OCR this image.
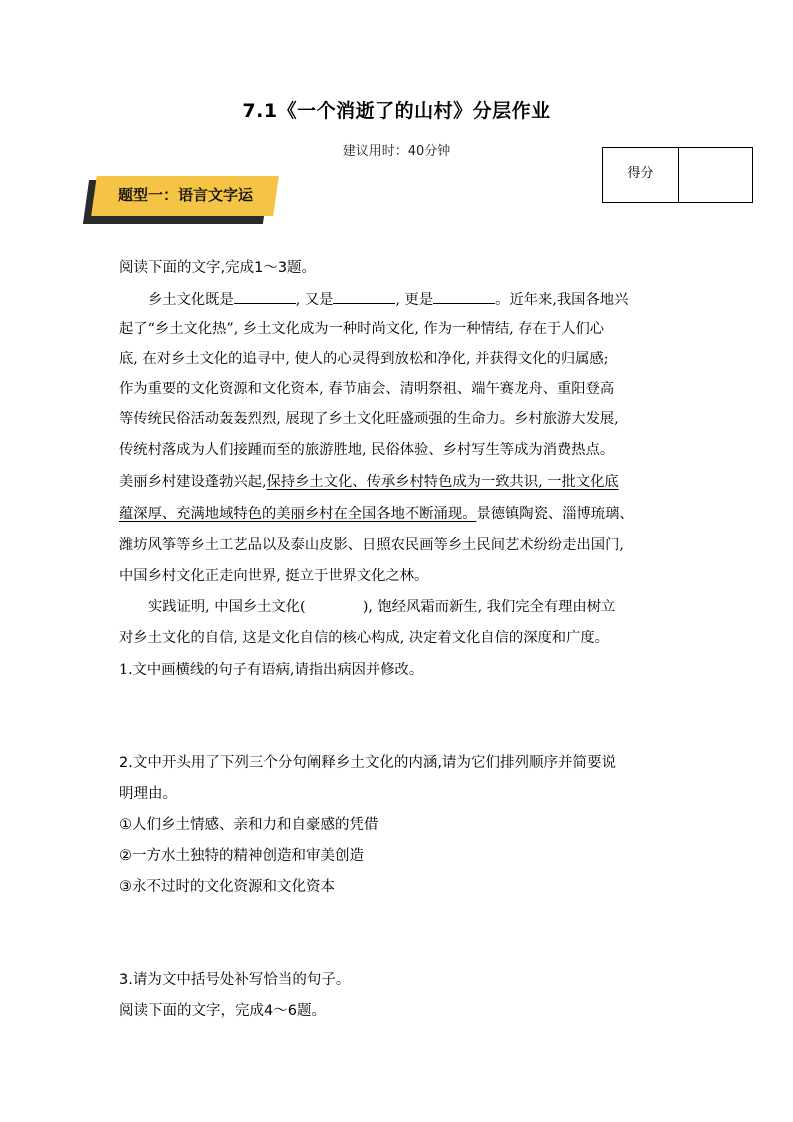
7.1《一个消逝了的山村》分层作业
建议用时：40分钟
得分
题型一：语言文字运
阅读下面的文字,完成1～3题。
乡土文化既是	, 又是	, 更是	。近年来,我国各地兴
起了“乡土文化热”, 乡土文化成为一种时尚文化, 作为一种情结, 存在于人们心
底, 在对乡土文化的追寻中, 使人的心灵得到放松和净化, 并获得文化的归属感;
作为重要的文化资源和文化资本, 春节庙会、清明祭祖、端午赛龙舟、重阳登高
等传统民俗活动轰轰烈烈, 展现了乡土文化旺盛顽强的生命力。乡村旅游大发展,
传统村落成为人们接踵而至的旅游胜地, 民俗体验、乡村写生等成为消费热点。
美丽乡村建设蓬勃兴起,保持乡土文化、传承乡村特色成为一致共识, 一批文化底
蕴深厚、充满地域特色的美丽乡村在全国各地不断涌现。景德镇陶瓷、淄博琉璃、
潍坊风筝等乡土工艺品以及泰山皮影、日照农民画等乡土民间艺术纷纷走出国门,
中国乡村文化正走向世界, 挺立于世界文化之林。
实践证明, 中国乡土文化(　　　　), 饱经风霜而新生, 我们完全有理由树立
对乡土文化的自信, 这是文化自信的核心构成, 决定着文化自信的深度和广度。
1.文中画横线的句子有语病,请指出病因并修改。
2.文中开头用了下列三个分句阐释乡土文化的内涵,请为它们排列顺序并简要说
明理由。
①人们乡土情感、亲和力和自豪感的凭借
②一方水土独特的精神创造和审美创造
③永不过时的文化资源和文化资本
3.请为文中括号处补写恰当的句子。
阅读下面的文字，完成4～6题。
